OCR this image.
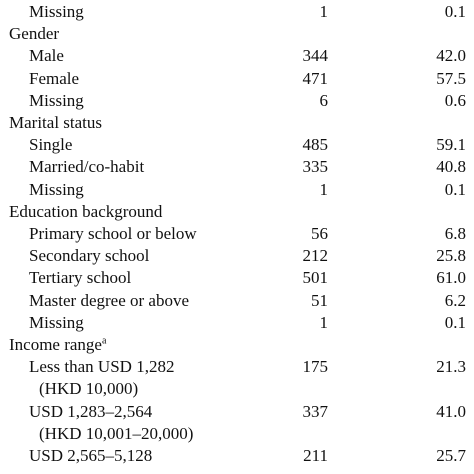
Missing	1	0.1
Gender
Male	344	42.0
Female	471	57.5
Missing	6	0.6
Marital status
Single	485	59.1
Married/co-habit	335	40.8
Missing	1	0.1
Education background
Primary school or below	56	6.8
Secondary school	212	25.8
Tertiary school	501	61.0
Master degree or above	51	6.2
Missing	1	0.1
Income range$^a$
Less than USD 1,282	175	21.3
(HKD 10,000)
USD 1,283–2,564	337	41.0
(HKD 10,001–20,000)
USD 2,565–5,128	211	25.7
